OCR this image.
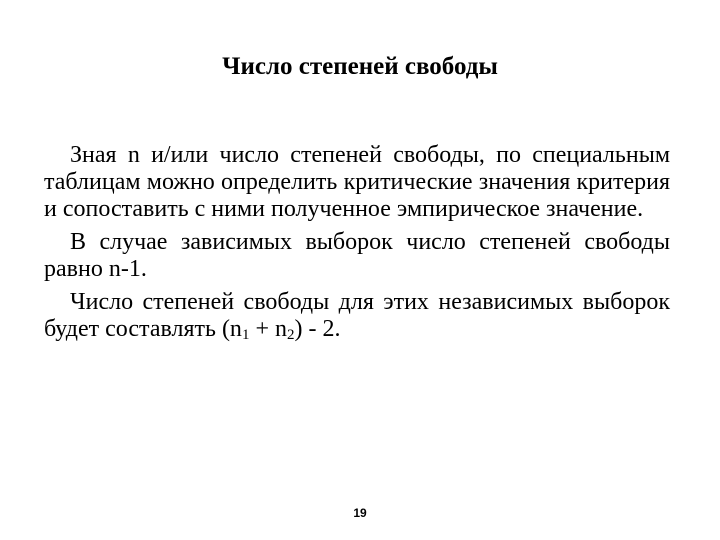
Число степеней свободы

Зная n и/или число степеней свободы, по специальным таблицам можно определить критические значения критерия и сопоставить с ними полученное эмпирическое значение.

В случае зависимых выборок число степеней свободы равно n-1.

Число степеней свободы для этих независимых выборок будет составлять $(n_1 + n_2) - 2$.

19
